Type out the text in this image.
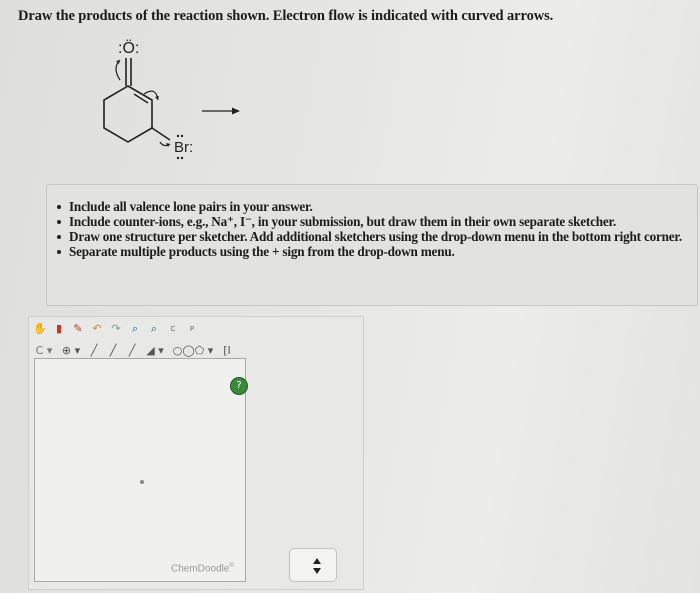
Draw the products of the reaction shown. Electron flow is indicated with curved arrows.
:Ö:
Br:
Include all valence lone pairs in your answer.
Include counter-ions, e.g., Na⁺, I⁻, in your submission, but draw them in their own separate sketcher.
Draw one structure per sketcher. Add additional sketchers using the drop-down menu in the bottom right corner.
Separate multiple products using the + sign from the drop-down menu.
✋ ▮	✎ ↶ ↷	⌕	⌕	C	P
C ▾ ⊕ ▾ ╱	╱	╱ ◢ ▾ ○◯⬠ ▾ [I
?
ChemDoodle®
